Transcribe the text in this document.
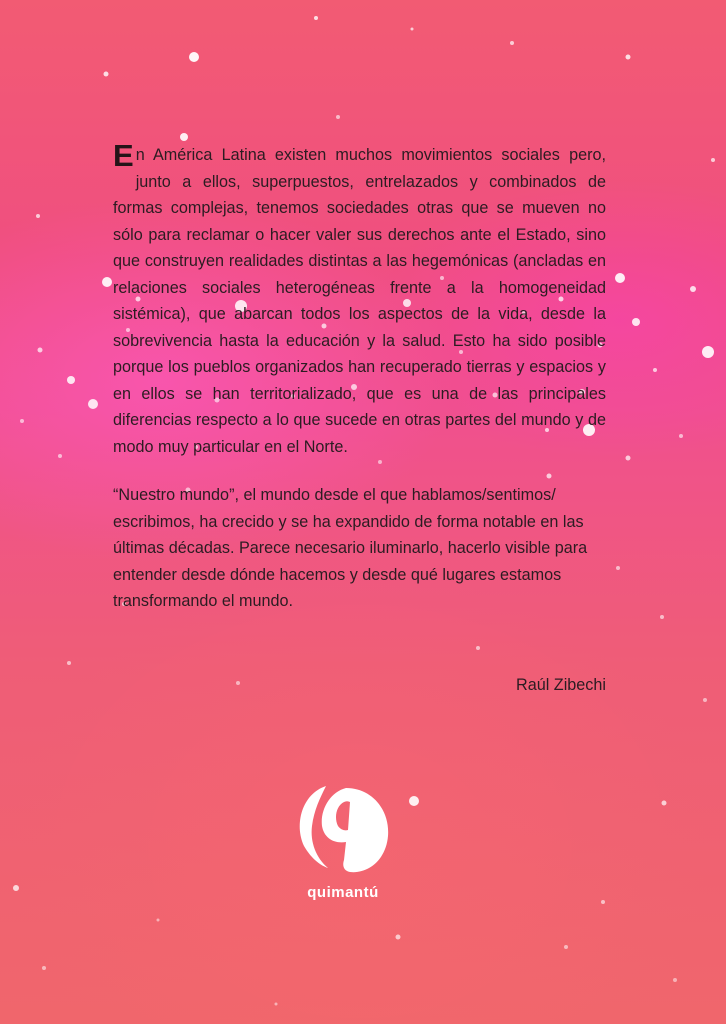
En América Latina existen muchos movimientos sociales pero, junto a ellos, superpuestos, entrelazados y combinados de formas complejas, tenemos sociedades otras que se mueven no sólo para reclamar o hacer valer sus derechos ante el Estado, sino que construyen realidades distintas a las hegemónicas (ancladas en relaciones sociales heterogéneas frente a la homogeneidad sistémica), que abarcan todos los aspectos de la vida, desde la sobrevivencia hasta la educación y la salud. Esto ha sido posible porque los pueblos organizados han recuperado tierras y espacios y en ellos se han territorializado, que es una de las principales diferencias respecto a lo que sucede en otras partes del mundo y de modo muy particular en el Norte.

“Nuestro mundo”, el mundo desde el que hablamos/sentimos/ escribimos, ha crecido y se ha expandido de forma notable en las últimas décadas. Parece necesario iluminarlo, hacerlo visible para entender desde dónde hacemos y desde qué lugares estamos transformando el mundo.

Raúl Zibechi
quimantú
